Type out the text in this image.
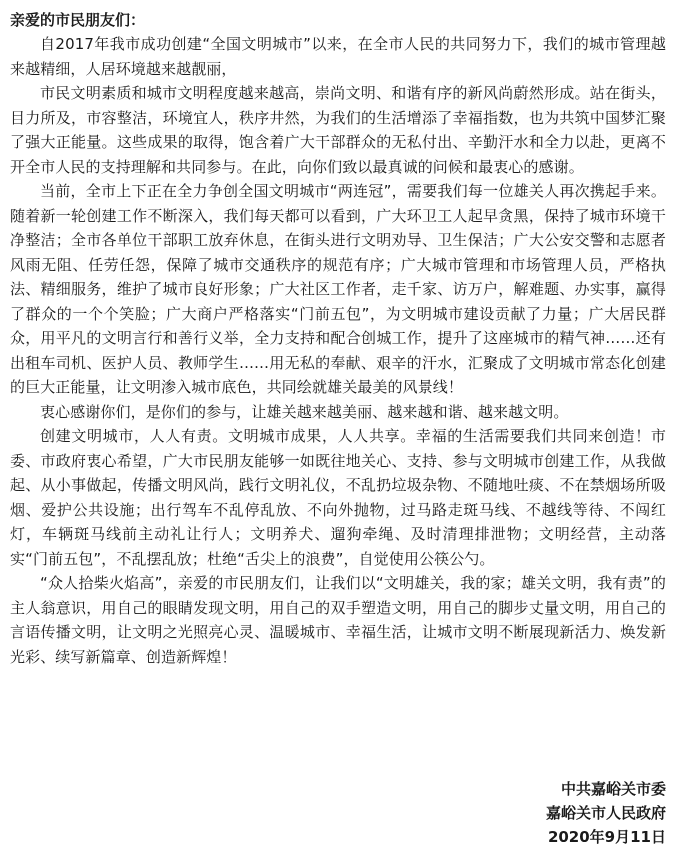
亲爱的市民朋友们：

自2017年我市成功创建“全国文明城市”以来，在全市人民的共同努力下，我们的城市管理越来越精细，人居环境越来越靓丽，

市民文明素质和城市文明程度越来越高，崇尚文明、和谐有序的新风尚蔚然形成。站在街头，目力所及，市容整洁，环境宜人，秩序井然，为我们的生活增添了幸福指数，也为共筑中国梦汇聚了强大正能量。这些成果的取得，饱含着广大干部群众的无私付出、辛勤汗水和全力以赴，更离不开全市人民的支持理解和共同参与。在此，向你们致以最真诚的问候和最衷心的感谢。

当前，全市上下正在全力争创全国文明城市“两连冠”，需要我们每一位雄关人再次携起手来。随着新一轮创建工作不断深入，我们每天都可以看到，广大环卫工人起早贪黑，保持了城市环境干净整洁；全市各单位干部职工放弃休息，在街头进行文明劝导、卫生保洁；广大公安交警和志愿者风雨无阻、任劳任怨，保障了城市交通秩序的规范有序；广大城市管理和市场管理人员，严格执法、精细服务，维护了城市良好形象；广大社区工作者，走千家、访万户，解难题、办实事，赢得了群众的一个个笑脸；广大商户严格落实“门前五包”，为文明城市建设贡献了力量；广大居民群众，用平凡的文明言行和善行义举，全力支持和配合创城工作，提升了这座城市的精气神……还有出租车司机、医护人员、教师学生……用无私的奉献、艰辛的汗水，汇聚成了文明城市常态化创建的巨大正能量，让文明渗入城市底色，共同绘就雄关最美的风景线！

衷心感谢你们，是你们的参与，让雄关越来越美丽、越来越和谐、越来越文明。

创建文明城市，人人有责。文明城市成果，人人共享。幸福的生活需要我们共同来创造！市委、市政府衷心希望，广大市民朋友能够一如既往地关心、支持、参与文明城市创建工作，从我做起、从小事做起，传播文明风尚，践行文明礼仪，不乱扔垃圾杂物、不随地吐痰、不在禁烟场所吸烟、爱护公共设施；出行驾车不乱停乱放、不向外抛物，过马路走斑马线、不越线等待、不闯红灯，车辆斑马线前主动礼让行人；文明养犬、遛狗牵绳、及时清理排泄物；文明经营，主动落实“门前五包”，不乱摆乱放；杜绝“舌尖上的浪费”，自觉使用公筷公勺。

“众人拾柴火焰高”，亲爱的市民朋友们，让我们以“文明雄关，我的家；雄关文明，我有责”的主人翁意识，用自己的眼睛发现文明，用自己的双手塑造文明，用自己的脚步丈量文明，用自己的言语传播文明，让文明之光照亮心灵、温暖城市、幸福生活，让城市文明不断展现新活力、焕发新光彩、续写新篇章、创造新辉煌！

中共嘉峪关市委
嘉峪关市人民政府
2020年9月11日
